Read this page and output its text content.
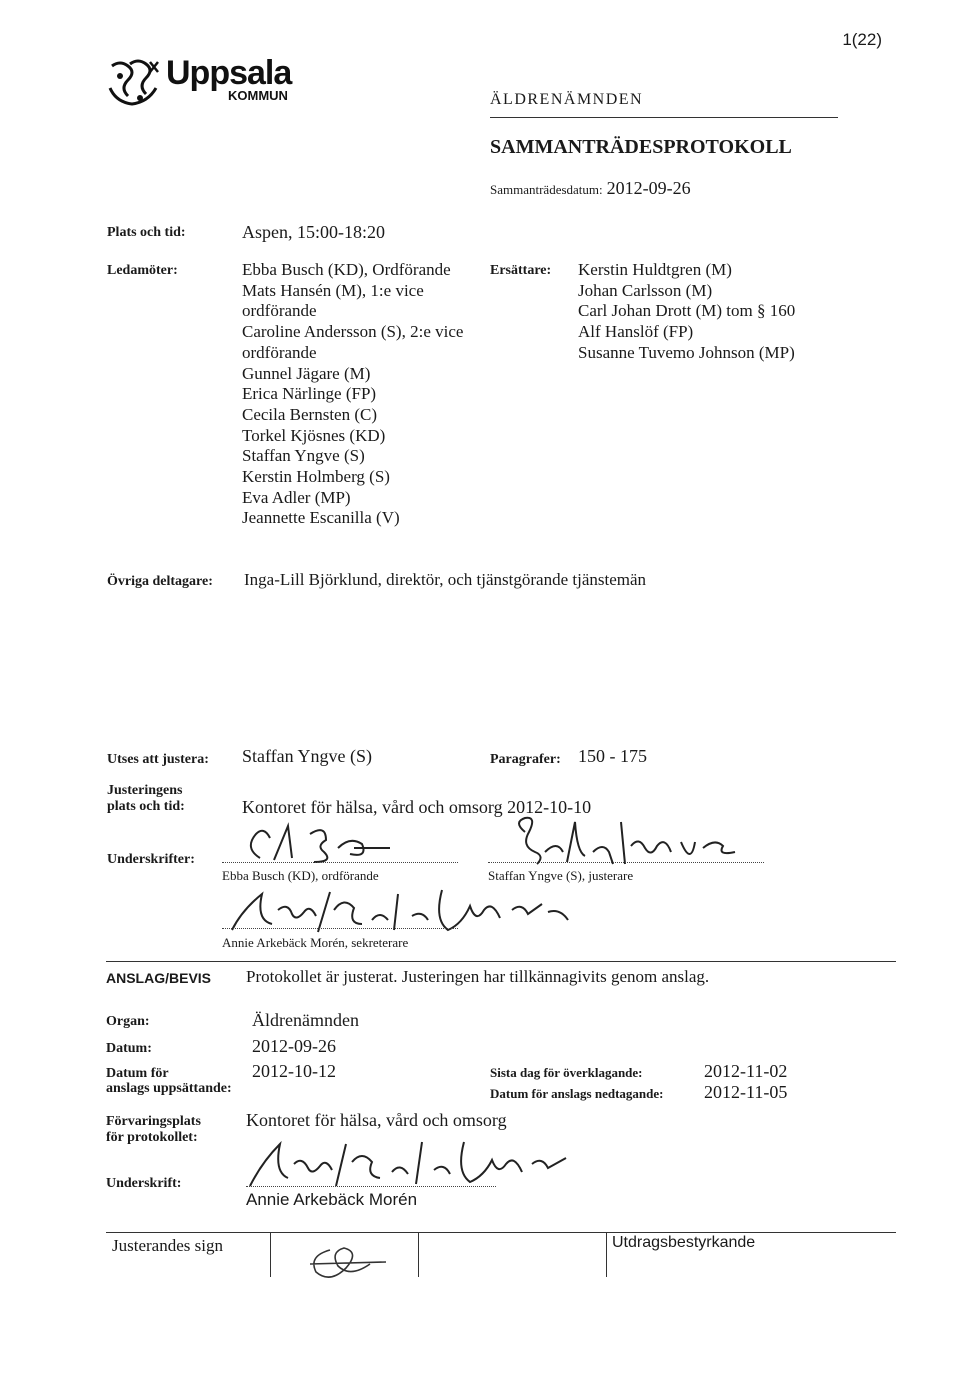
1(22)
Uppsala
KOMMUN	ÄLDRENÄMNDEN
SAMMANTRÄDESPROTOKOLL
Sammanträdesdatum: 2012-09-26
Plats och tid:	Aspen, 15:00-18:20
Ledamöter:	Ebba Busch (KD), Ordförande
Mats Hansén (M), 1:e vice
ordförande
Caroline Andersson (S), 2:e vice
ordförande
Gunnel Jägare (M)
Erica Närlinge (FP)
Cecila Bernsten (C)
Torkel Kjösnes (KD)
Staffan Yngve (S)
Kerstin Holmberg (S)
Eva Adler (MP)
Jeannette Escanilla (V)
Ersättare: Kerstin Huldtgren (M)
Johan Carlsson (M)
Carl Johan Drott (M) tom § 160
Alf Hanslöf (FP)
Susanne Tuvemo Johnson (MP)
Övriga deltagare: Inga-Lill Björklund, direktör, och tjänstgörande tjänstemän
Utses att justera: Staffan Yngve (S)	Paragrafer: 150 - 175
Justeringens
plats och tid:	Kontoret för hälsa, vård och omsorg 2012-10-10
Underskrifter:
Ebba Busch (KD), ordförande	Staffan Yngve (S), justerare
Annie Arkebäck Morén, sekreterare
ANSLAG/BEVIS Protokollet är justerat. Justeringen har tillkännagivits genom anslag.
Organ:	Äldrenämnden
Datum:	2012-09-26
Datum för
anslags uppsättande:
2012-10-12	Sista dag för överklagande:	2012-11-02
Datum för anslags nedtagande: 2012-11-05
Förvaringsplats
för protokollet:
Kontoret för hälsa, vård och omsorg
Underskrift:
Annie Arkebäck Morén
Justerandes sign	Utdragsbestyrkande
